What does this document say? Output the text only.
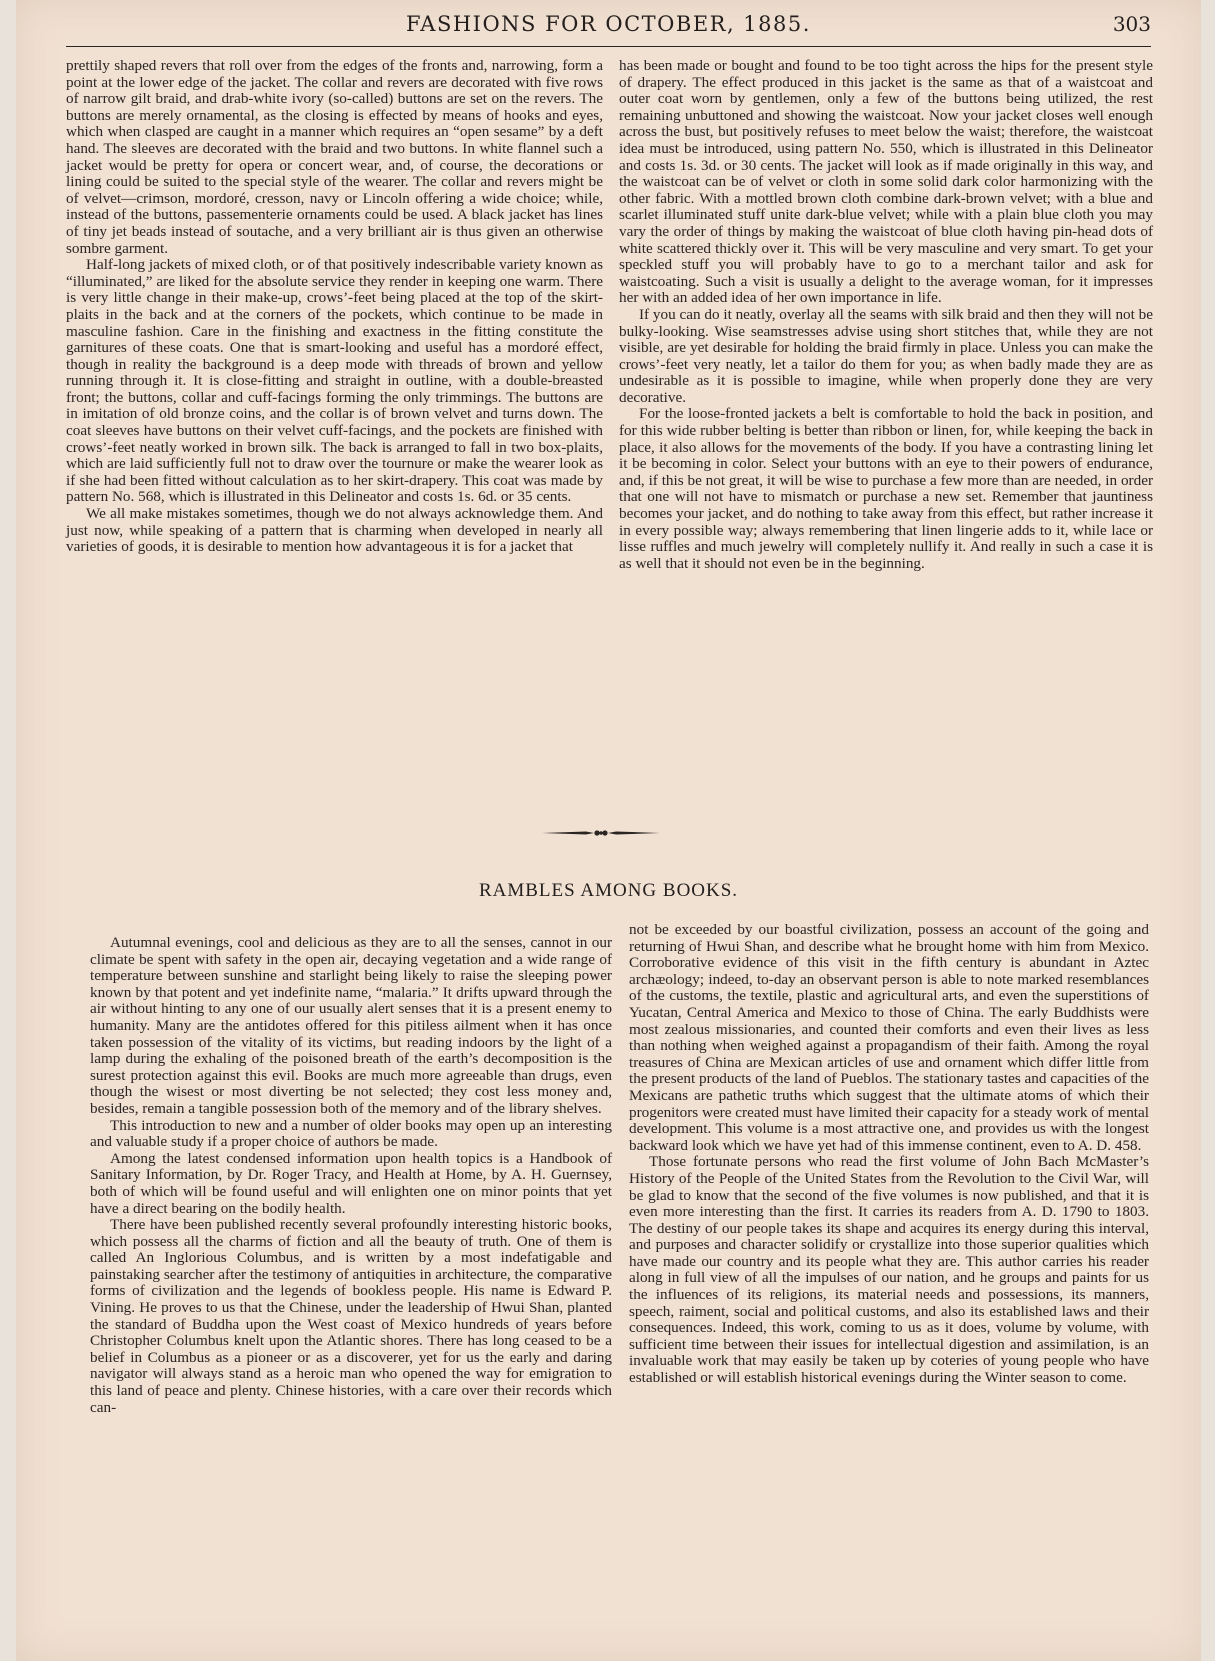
FASHIONS FOR OCTOBER, 1885.	303

prettily shaped revers that roll over from the edges of the fronts and, narrowing, form a point at the lower edge of the jacket. The collar and revers are decorated with five rows of narrow gilt braid, and drab-white ivory (so-called) buttons are set on the revers. The buttons are merely ornamental, as the closing is effected by means of hooks and eyes, which when clasped are caught in a manner which requires an “open sesame” by a deft hand. The sleeves are decorated with the braid and two buttons. In white flannel such a jacket would be pretty for opera or concert wear, and, of course, the decorations or lining could be suited to the special style of the wearer. The collar and revers might be of velvet—crimson, mordoré, cresson, navy or Lincoln offering a wide choice; while, instead of the buttons, passementerie ornaments could be used. A black jacket has lines of tiny jet beads instead of soutache, and a very brilliant air is thus given an otherwise sombre garment.

Half-long jackets of mixed cloth, or of that positively indescribable variety known as “illuminated,” are liked for the absolute service they render in keeping one warm. There is very little change in their make-up, crows’-feet being placed at the top of the skirt-plaits in the back and at the corners of the pockets, which continue to be made in masculine fashion. Care in the finishing and exactness in the fitting constitute the garnitures of these coats. One that is smart-looking and useful has a mordoré effect, though in reality the background is a deep mode with threads of brown and yellow running through it. It is close-fitting and straight in outline, with a double-breasted front; the buttons, collar and cuff-facings forming the only trimmings. The buttons are in imitation of old bronze coins, and the collar is of brown velvet and turns down. The coat sleeves have buttons on their velvet cuff-facings, and the pockets are finished with crows’-feet neatly worked in brown silk. The back is arranged to fall in two box-plaits, which are laid sufficiently full not to draw over the tournure or make the wearer look as if she had been fitted without calculation as to her skirt-drapery. This coat was made by pattern No. 568, which is illustrated in this Delineator and costs 1s. 6d. or 35 cents.

We all make mistakes sometimes, though we do not always acknowledge them. And just now, while speaking of a pattern that is charming when developed in nearly all varieties of goods, it is desirable to mention how advantageous it is for a jacket that

has been made or bought and found to be too tight across the hips for the present style of drapery. The effect produced in this jacket is the same as that of a waistcoat and outer coat worn by gentlemen, only a few of the buttons being utilized, the rest remaining unbuttoned and showing the waistcoat. Now your jacket closes well enough across the bust, but positively refuses to meet below the waist; therefore, the waistcoat idea must be introduced, using pattern No. 550, which is illustrated in this Delineator and costs 1s. 3d. or 30 cents. The jacket will look as if made originally in this way, and the waistcoat can be of velvet or cloth in some solid dark color harmonizing with the other fabric. With a mottled brown cloth combine dark-brown velvet; with a blue and scarlet illuminated stuff unite dark-blue velvet; while with a plain blue cloth you may vary the order of things by making the waistcoat of blue cloth having pin-head dots of white scattered thickly over it. This will be very masculine and very smart. To get your speckled stuff you will probably have to go to a merchant tailor and ask for waistcoating. Such a visit is usually a delight to the average woman, for it impresses her with an added idea of her own importance in life.

If you can do it neatly, overlay all the seams with silk braid and then they will not be bulky-looking. Wise seamstresses advise using short stitches that, while they are not visible, are yet desirable for holding the braid firmly in place. Unless you can make the crows’-feet very neatly, let a tailor do them for you; as when badly made they are as undesirable as it is possible to imagine, while when properly done they are very decorative.

For the loose-fronted jackets a belt is comfortable to hold the back in position, and for this wide rubber belting is better than ribbon or linen, for, while keeping the back in place, it also allows for the movements of the body. If you have a contrasting lining let it be becoming in color. Select your buttons with an eye to their powers of endurance, and, if this be not great, it will be wise to purchase a few more than are needed, in order that one will not have to mismatch or purchase a new set. Remember that jauntiness becomes your jacket, and do nothing to take away from this effect, but rather increase it in every possible way; always remembering that linen lingerie adds to it, while lace or lisse ruffles and much jewelry will completely nullify it. And really in such a case it is as well that it should not even be in the beginning.

RAMBLES AMONG BOOKS.

Autumnal evenings, cool and delicious as they are to all the senses, cannot in our climate be spent with safety in the open air, decaying vegetation and a wide range of temperature between sunshine and starlight being likely to raise the sleeping power known by that potent and yet indefinite name, “malaria.” It drifts upward through the air without hinting to any one of our usually alert senses that it is a present enemy to humanity. Many are the antidotes offered for this pitiless ailment when it has once taken possession of the vitality of its victims, but reading indoors by the light of a lamp during the exhaling of the poisoned breath of the earth’s decomposition is the surest protection against this evil. Books are much more agreeable than drugs, even though the wisest or most diverting be not selected; they cost less money and, besides, remain a tangible possession both of the memory and of the library shelves.

This introduction to new and a number of older books may open up an interesting and valuable study if a proper choice of authors be made.

Among the latest condensed information upon health topics is a Handbook of Sanitary Information, by Dr. Roger Tracy, and Health at Home, by A. H. Guernsey, both of which will be found useful and will enlighten one on minor points that yet have a direct bearing on the bodily health.

There have been published recently several profoundly interesting historic books, which possess all the charms of fiction and all the beauty of truth. One of them is called An Inglorious Columbus, and is written by a most indefatigable and painstaking searcher after the testimony of antiquities in architecture, the comparative forms of civilization and the legends of bookless people. His name is Edward P. Vining. He proves to us that the Chinese, under the leadership of Hwui Shan, planted the standard of Buddha upon the West coast of Mexico hundreds of years before Christopher Columbus knelt upon the Atlantic shores. There has long ceased to be a belief in Columbus as a pioneer or as a discoverer, yet for us the early and daring navigator will always stand as a heroic man who opened the way for emigration to this land of peace and plenty. Chinese histories, with a care over their records which can-

not be exceeded by our boastful civilization, possess an account of the going and returning of Hwui Shan, and describe what he brought home with him from Mexico. Corroborative evidence of this visit in the fifth century is abundant in Aztec archæology; indeed, to-day an observant person is able to note marked resemblances of the customs, the textile, plastic and agricultural arts, and even the superstitions of Yucatan, Central America and Mexico to those of China. The early Buddhists were most zealous missionaries, and counted their comforts and even their lives as less than nothing when weighed against a propagandism of their faith. Among the royal treasures of China are Mexican articles of use and ornament which differ little from the present products of the land of Pueblos. The stationary tastes and capacities of the Mexicans are pathetic truths which suggest that the ultimate atoms of which their progenitors were created must have limited their capacity for a steady work of mental development. This volume is a most attractive one, and provides us with the longest backward look which we have yet had of this immense continent, even to A. D. 458.

Those fortunate persons who read the first volume of John Bach McMaster’s History of the People of the United States from the Revolution to the Civil War, will be glad to know that the second of the five volumes is now published, and that it is even more interesting than the first. It carries its readers from A. D. 1790 to 1803. The destiny of our people takes its shape and acquires its energy during this interval, and purposes and character solidify or crystallize into those superior qualities which have made our country and its people what they are. This author carries his reader along in full view of all the impulses of our nation, and he groups and paints for us the influences of its religions, its material needs and possessions, its manners, speech, raiment, social and political customs, and also its established laws and their consequences. Indeed, this work, coming to us as it does, volume by volume, with sufficient time between their issues for intellectual digestion and assimilation, is an invaluable work that may easily be taken up by coteries of young people who have established or will establish historical evenings during the Winter season to come.
